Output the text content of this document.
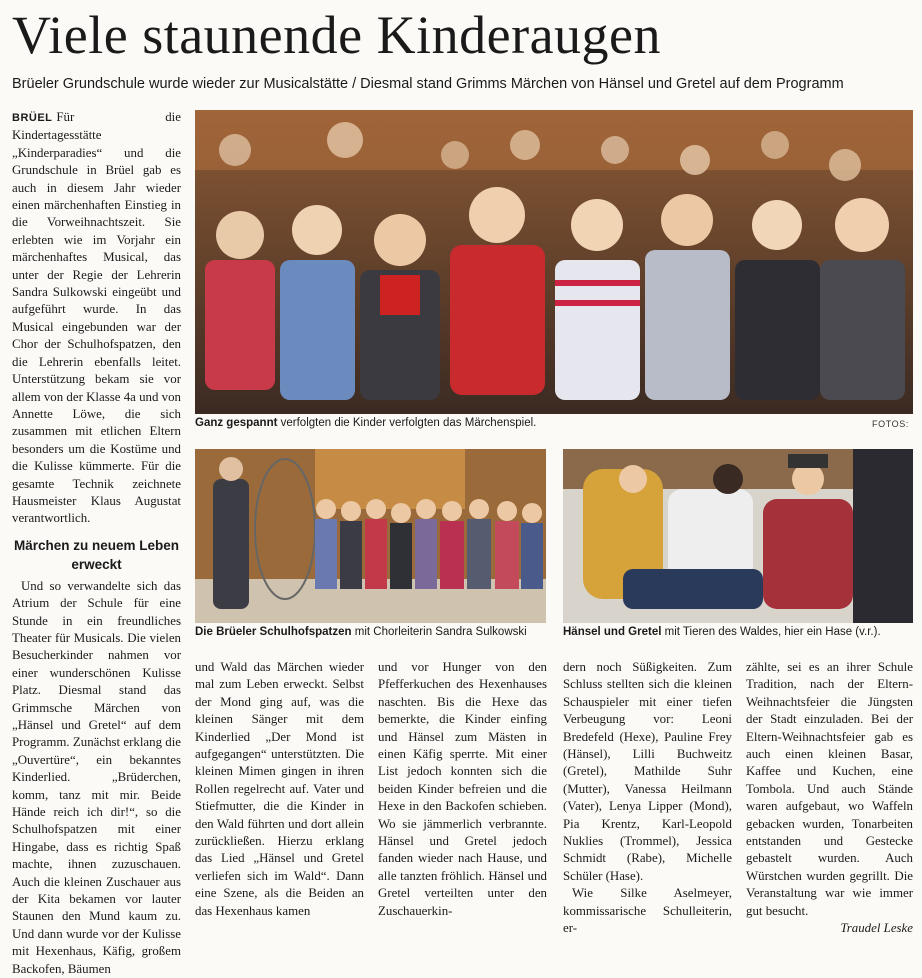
Viele staunende Kinderaugen
Brüeler Grundschule wurde wieder zur Musicalstätte / Diesmal stand Grimms Märchen von Hänsel und Gretel auf dem Programm

BRÜEL Für die Kindertagesstätte „Kinderparadies“ und die Grundschule in Brüel gab es auch in diesem Jahr wieder einen märchenhaften Einstieg in die Vorweihnachtszeit. Sie erlebten wie im Vorjahr ein märchenhaftes Musical, das unter der Regie der Lehrerin Sandra Sulkowski eingeübt und aufgeführt wurde. In das Musical eingebunden war der Chor der Schulhofspatzen, den die Lehrerin ebenfalls leitet. Unterstützung bekam sie vor allem von der Klasse 4a und von Annette Löwe, die sich zusammen mit etlichen Eltern besonders um die Kostüme und die Kulisse kümmerte. Für die gesamte Technik zeichnete Hausmeister Klaus Augustat verantwortlich.

Märchen zu neuem Leben erweckt

Und so verwandelte sich das Atrium der Schule für eine Stunde in ein freundliches Theater für Musicals. Die vielen Besucherkinder nahmen vor einer wunderschönen Kulisse Platz. Diesmal stand das Grimmsche Märchen von „Hänsel und Gretel“ auf dem Programm. Zunächst erklang die „Ouvertüre“, ein bekanntes Kinderlied. „Brüderchen, komm, tanz mit mir. Beide Hände reich ich dir!“, so die Schulhofspatzen mit einer Hingabe, dass es richtig Spaß machte, ihnen zuzuschauen. Auch die kleinen Zuschauer aus der Kita bekamen vor lauter Staunen den Mund kaum zu. Und dann wurde vor der Kulisse mit Hexenhaus, Käfig, großem Backofen, Bäumen

Ganz gespannt verfolgten die Kinder verfolgten das Märchenspiel.	FOTOS:
Die Brüeler Schulhofspatzen mit Chorleiterin Sandra Sulkowski	Hänsel und Gretel mit Tieren des Waldes, hier ein Hase (v.r.).

und Wald das Märchen wieder mal zum Leben erweckt. Selbst der Mond ging auf, was die kleinen Sänger mit dem Kinderlied „Der Mond ist aufgegangen“ unterstützten. Die kleinen Mimen gingen in ihren Rollen regelrecht auf. Vater und Stiefmutter, die die Kinder in den Wald führten und dort allein zurückließen. Hierzu erklang das Lied „Hänsel und Gretel verliefen sich im Wald“. Dann eine Szene, als die Beiden an das Hexenhaus kamen

und vor Hunger von den Pfefferkuchen des Hexenhauses naschten. Bis die Hexe das bemerkte, die Kinder einfing und Hänsel zum Mästen in einen Käfig sperrte. Mit einer List jedoch konnten sich die beiden Kinder befreien und die Hexe in den Backofen schieben. Wo sie jämmerlich verbrannte. Hänsel und Gretel jedoch fanden wieder nach Hause, und alle tanzten fröhlich. Hänsel und Gretel verteilten unter den Zuschauerkin-

dern noch Süßigkeiten. Zum Schluss stellten sich die kleinen Schauspieler mit einer tiefen Verbeugung vor: Leoni Bredefeld (Hexe), Pauline Frey (Hänsel), Lilli Buchweitz (Gretel), Mathilde Suhr (Mutter), Vanessa Heilmann (Vater), Lenya Lipper (Mond), Pia Krentz, Karl-Leopold Nuklies (Trommel), Jessica Schmidt (Rabe), Michelle Schüler (Hase).

Wie Silke Aselmeyer, kommissarische Schulleiterin, er-

zählte, sei es an ihrer Schule Tradition, nach der Eltern-Weihnachtsfeier die Jüngsten der Stadt einzuladen. Bei der Eltern-Weihnachtsfeier gab es auch einen kleinen Basar, Kaffee und Kuchen, eine Tombola. Und auch Stände waren aufgebaut, wo Waffeln gebacken wurden, Tonarbeiten entstanden und Gestecke gebastelt wurden. Auch Würstchen wurden gegrillt. Die Veranstaltung war wie immer gut besucht.

Traudel Leske
